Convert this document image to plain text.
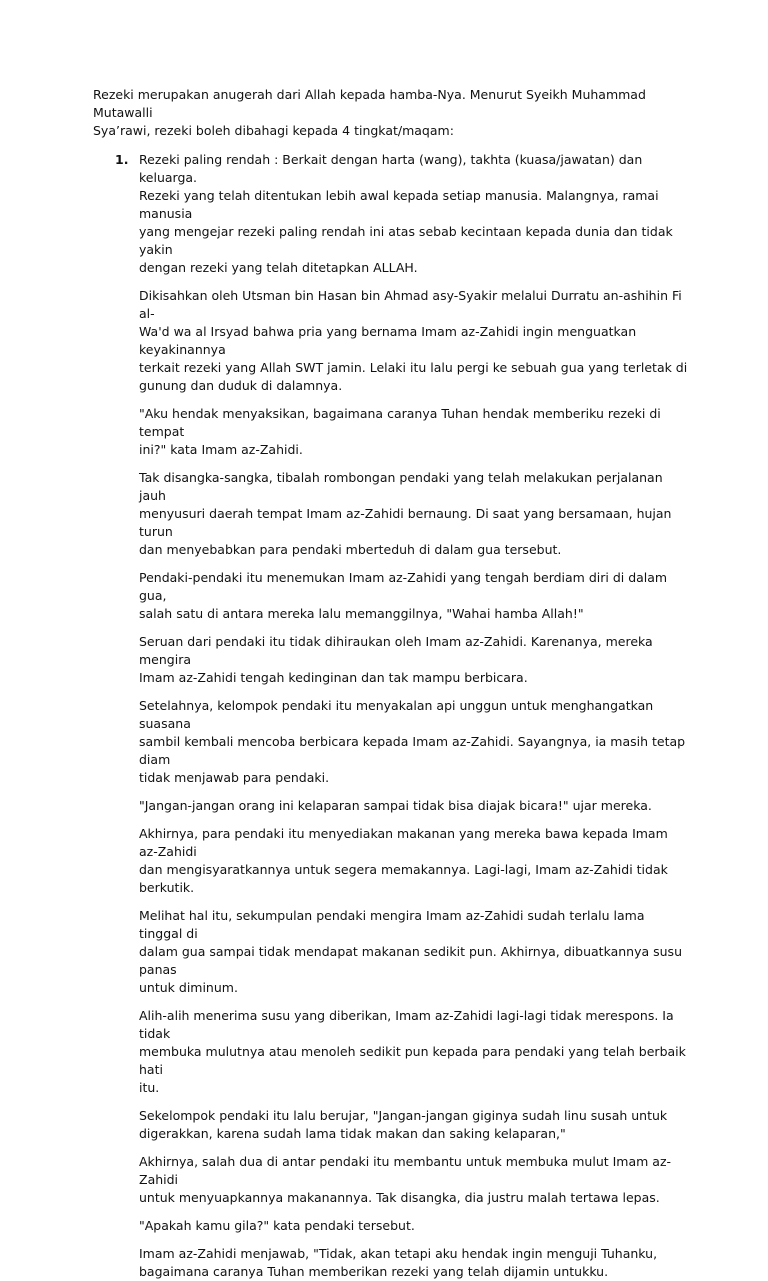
Rezeki merupakan anugerah dari Allah kepada hamba-Nya. Menurut Syeikh Muhammad Mutawalli
Sya’rawi, rezeki boleh dibahagi kepada 4 tingkat/maqam:

1. Rezeki paling rendah : Berkait dengan harta (wang), takhta (kuasa/jawatan) dan keluarga.
Rezeki yang telah ditentukan lebih awal kepada setiap manusia. Malangnya, ramai manusia
yang mengejar rezeki paling rendah ini atas sebab kecintaan kepada dunia dan tidak yakin
dengan rezeki yang telah ditetapkan ALLAH.

Dikisahkan oleh Utsman bin Hasan bin Ahmad asy-Syakir melalui Durratu an-ashihin Fi al-
Wa'd wa al Irsyad bahwa pria yang bernama Imam az-Zahidi ingin menguatkan keyakinannya
terkait rezeki yang Allah SWT jamin. Lelaki itu lalu pergi ke sebuah gua yang terletak di
gunung dan duduk di dalamnya.

"Aku hendak menyaksikan, bagaimana caranya Tuhan hendak memberiku rezeki di tempat
ini?" kata Imam az-Zahidi.

Tak disangka-sangka, tibalah rombongan pendaki yang telah melakukan perjalanan jauh
menyusuri daerah tempat Imam az-Zahidi bernaung. Di saat yang bersamaan, hujan turun
dan menyebabkan para pendaki mberteduh di dalam gua tersebut.

Pendaki-pendaki itu menemukan Imam az-Zahidi yang tengah berdiam diri di dalam gua,
salah satu di antara mereka lalu memanggilnya, "Wahai hamba Allah!"

Seruan dari pendaki itu tidak dihiraukan oleh Imam az-Zahidi. Karenanya, mereka mengira
Imam az-Zahidi tengah kedinginan dan tak mampu berbicara.

Setelahnya, kelompok pendaki itu menyakalan api unggun untuk menghangatkan suasana
sambil kembali mencoba berbicara kepada Imam az-Zahidi. Sayangnya, ia masih tetap diam
tidak menjawab para pendaki.

"Jangan-jangan orang ini kelaparan sampai tidak bisa diajak bicara!" ujar mereka.

Akhirnya, para pendaki itu menyediakan makanan yang mereka bawa kepada Imam az-Zahidi
dan mengisyaratkannya untuk segera memakannya. Lagi-lagi, Imam az-Zahidi tidak berkutik.

Melihat hal itu, sekumpulan pendaki mengira Imam az-Zahidi sudah terlalu lama tinggal di
dalam gua sampai tidak mendapat makanan sedikit pun. Akhirnya, dibuatkannya susu panas
untuk diminum.

Alih-alih menerima susu yang diberikan, Imam az-Zahidi lagi-lagi tidak merespons. Ia tidak
membuka mulutnya atau menoleh sedikit pun kepada para pendaki yang telah berbaik hati
itu.

Sekelompok pendaki itu lalu berujar, "Jangan-jangan giginya sudah linu susah untuk
digerakkan, karena sudah lama tidak makan dan saking kelaparan,"

Akhirnya, salah dua di antar pendaki itu membantu untuk membuka mulut Imam az-Zahidi
untuk menyuapkannya makanannya. Tak disangka, dia justru malah tertawa lepas.

"Apakah kamu gila?" kata pendaki tersebut.

Imam az-Zahidi menjawab, "Tidak, akan tetapi aku hendak ingin menguji Tuhanku,
bagaimana caranya Tuhan memberikan rezeki yang telah dijamin untukku.
